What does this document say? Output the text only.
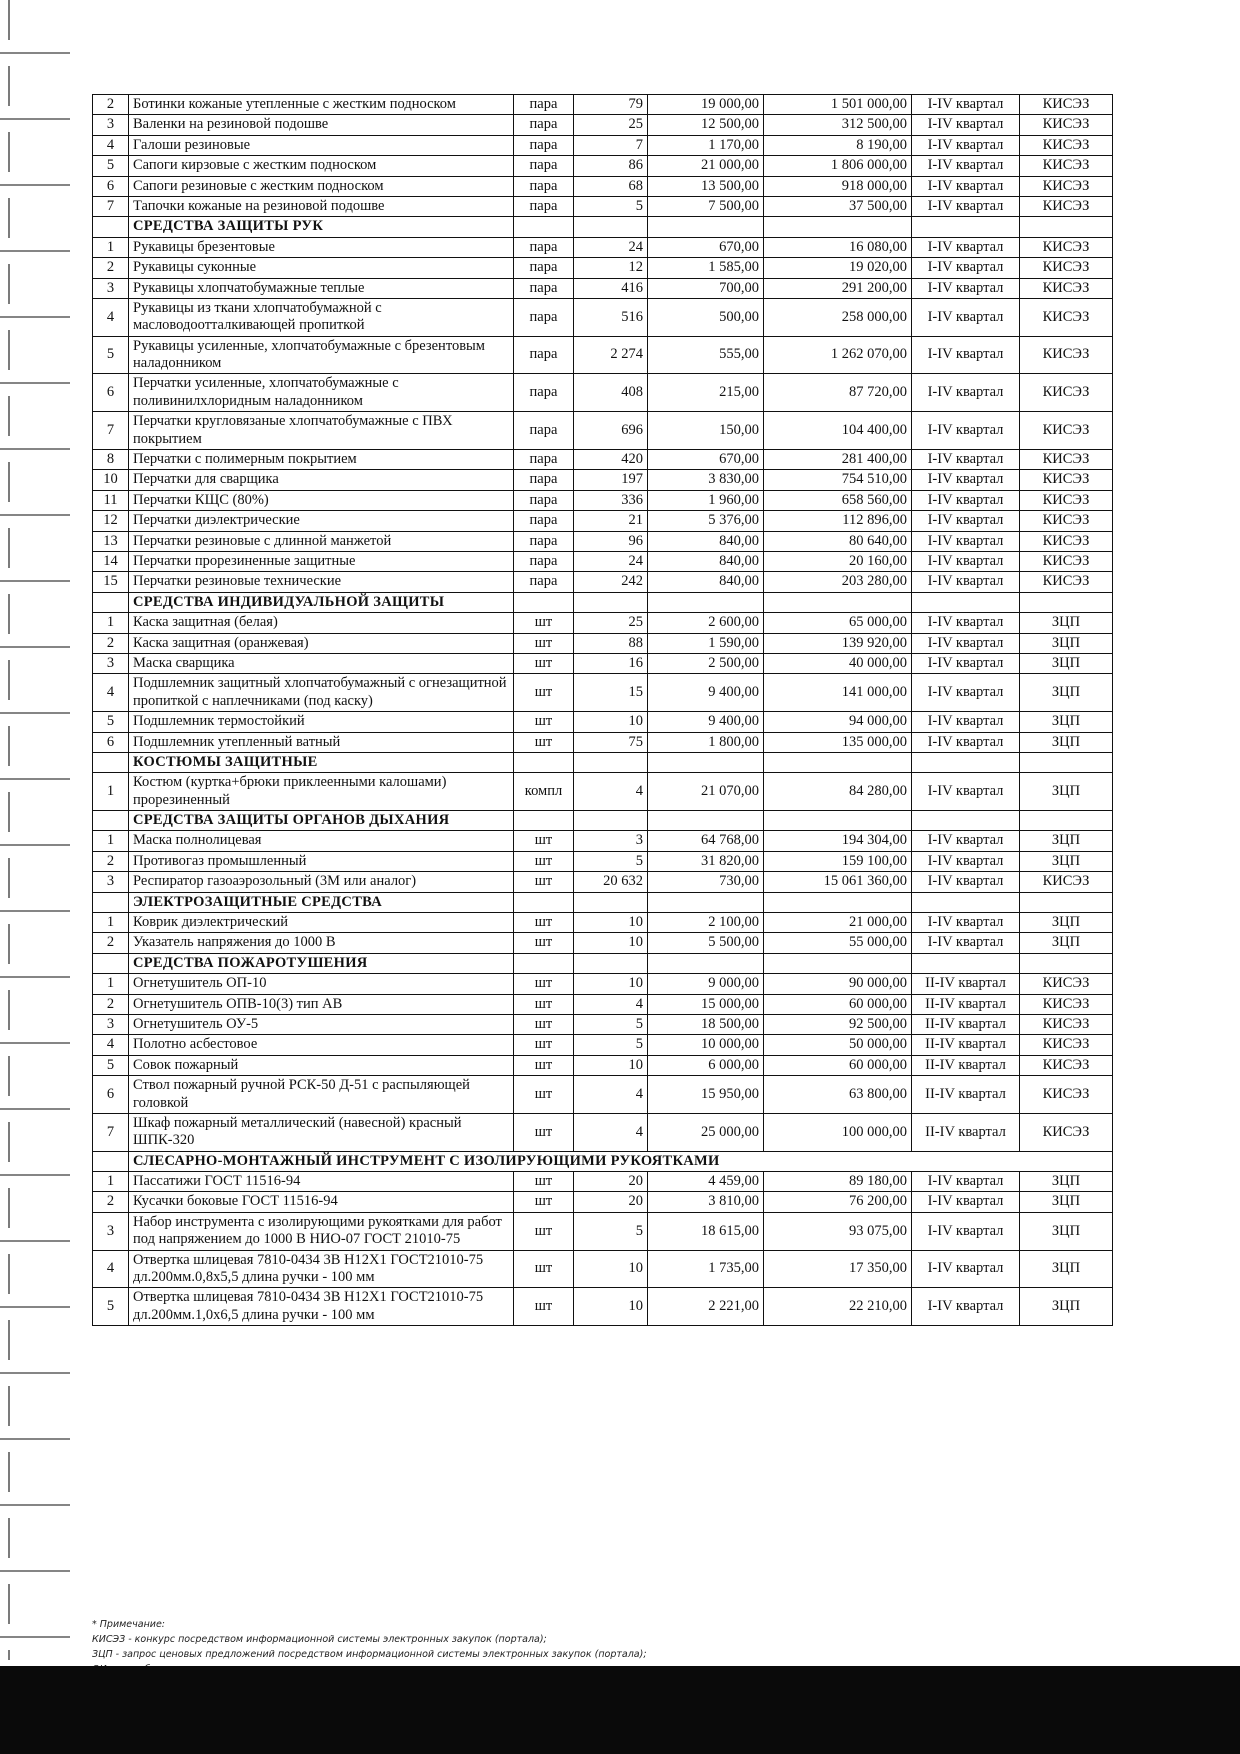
2	Ботинки кожаные утепленные с жестким подноском	пара	79	19 000,00	1 501 000,00	I-IV квартал	КИСЭЗ
3	Валенки на резиновой подошве	пара	25	12 500,00	312 500,00	I-IV квартал	КИСЭЗ
4	Галоши резиновые	пара	7	1 170,00	8 190,00	I-IV квартал	КИСЭЗ
5	Сапоги кирзовые с жестким подноском	пара	86	21 000,00	1 806 000,00	I-IV квартал	КИСЭЗ
6	Сапоги резиновые с жестким подноском	пара	68	13 500,00	918 000,00	I-IV квартал	КИСЭЗ
7	Тапочки кожаные на резиновой подошве	пара	5	7 500,00	37 500,00	I-IV квартал	КИСЭЗ
	СРЕДСТВА ЗАЩИТЫ РУК						
1	Рукавицы брезентовые	пара	24	670,00	16 080,00	I-IV квартал	КИСЭЗ
2	Рукавицы суконные	пара	12	1 585,00	19 020,00	I-IV квартал	КИСЭЗ
3	Рукавицы хлопчатобумажные теплые	пара	416	700,00	291 200,00	I-IV квартал	КИСЭЗ
4	Рукавицы из ткани хлопчатобумажной с масловодоотталкивающей пропиткой	пара	516	500,00	258 000,00	I-IV квартал	КИСЭЗ
5	Рукавицы усиленные, хлопчатобумажные с брезентовым наладонником	пара	2 274	555,00	1 262 070,00	I-IV квартал	КИСЭЗ
6	Перчатки усиленные, хлопчатобумажные с поливинилхлоридным наладонником	пара	408	215,00	87 720,00	I-IV квартал	КИСЭЗ
7	Перчатки кругловязаные хлопчатобумажные с ПВХ покрытием	пара	696	150,00	104 400,00	I-IV квартал	КИСЭЗ
8	Перчатки с полимерным покрытием	пара	420	670,00	281 400,00	I-IV квартал	КИСЭЗ
10	Перчатки для сварщика	пара	197	3 830,00	754 510,00	I-IV квартал	КИСЭЗ
11	Перчатки КЩС (80%)	пара	336	1 960,00	658 560,00	I-IV квартал	КИСЭЗ
12	Перчатки диэлектрические	пара	21	5 376,00	112 896,00	I-IV квартал	КИСЭЗ
13	Перчатки резиновые с длинной манжетой	пара	96	840,00	80 640,00	I-IV квартал	КИСЭЗ
14	Перчатки прорезиненные защитные	пара	24	840,00	20 160,00	I-IV квартал	КИСЭЗ
15	Перчатки резиновые технические	пара	242	840,00	203 280,00	I-IV квартал	КИСЭЗ
	СРЕДСТВА ИНДИВИДУАЛЬНОЙ ЗАЩИТЫ						
1	Каска защитная (белая)	шт	25	2 600,00	65 000,00	I-IV квартал	ЗЦП
2	Каска защитная (оранжевая)	шт	88	1 590,00	139 920,00	I-IV квартал	ЗЦП
3	Маска сварщика	шт	16	2 500,00	40 000,00	I-IV квартал	ЗЦП
4	Подшлемник защитный хлопчатобумажный с огнезащитной пропиткой с наплечниками (под каску)	шт	15	9 400,00	141 000,00	I-IV квартал	ЗЦП
5	Подшлемник термостойкий	шт	10	9 400,00	94 000,00	I-IV квартал	ЗЦП
6	Подшлемник утепленный ватный	шт	75	1 800,00	135 000,00	I-IV квартал	ЗЦП
	КОСТЮМЫ ЗАЩИТНЫЕ						
1	Костюм (куртка+брюки приклеенными калошами) прорезиненный	компл	4	21 070,00	84 280,00	I-IV квартал	ЗЦП
	СРЕДСТВА ЗАЩИТЫ ОРГАНОВ ДЫХАНИЯ						
1	Маска полнолицевая	шт	3	64 768,00	194 304,00	I-IV квартал	ЗЦП
2	Противогаз промышленный	шт	5	31 820,00	159 100,00	I-IV квартал	ЗЦП
3	Респиратор газоаэрозольный (3М или аналог)	шт	20 632	730,00	15 061 360,00	I-IV квартал	КИСЭЗ
	ЭЛЕКТРОЗАЩИТНЫЕ СРЕДСТВА						
1	Коврик диэлектрический	шт	10	2 100,00	21 000,00	I-IV квартал	ЗЦП
2	Указатель напряжения до 1000 В	шт	10	5 500,00	55 000,00	I-IV квартал	ЗЦП
	СРЕДСТВА ПОЖАРОТУШЕНИЯ						
1	Огнетушитель ОП-10	шт	10	9 000,00	90 000,00	II-IV квартал	КИСЭЗ
2	Огнетушитель ОПВ-10(3) тип АВ	шт	4	15 000,00	60 000,00	II-IV квартал	КИСЭЗ
3	Огнетушитель ОУ-5	шт	5	18 500,00	92 500,00	II-IV квартал	КИСЭЗ
4	Полотно асбестовое	шт	5	10 000,00	50 000,00	II-IV квартал	КИСЭЗ
5	Совок пожарный	шт	10	6 000,00	60 000,00	II-IV квартал	КИСЭЗ
6	Ствол пожарный ручной РСК-50 Д-51 с распыляющей головкой	шт	4	15 950,00	63 800,00	II-IV квартал	КИСЭЗ
7	Шкаф пожарный металлический (навесной) красный ШПК-320	шт	4	25 000,00	100 000,00	II-IV квартал	КИСЭЗ
	СЛЕСАРНО-МОНТАЖНЫЙ ИНСТРУМЕНТ С ИЗОЛИРУЮЩИМИ РУКОЯТКАМИ						
1	Пассатижи ГОСТ 11516-94	шт	20	4 459,00	89 180,00	I-IV квартал	ЗЦП
2	Кусачки боковые ГОСТ 11516-94	шт	20	3 810,00	76 200,00	I-IV квартал	ЗЦП
3	Набор инструмента с изолирующими рукоятками для работ под напряжением до 1000 В НИО-07 ГОСТ 21010-75	шт	5	18 615,00	93 075,00	I-IV квартал	ЗЦП
4	Отвертка шлицевая 7810-0434 3В Н12Х1 ГОСТ21010-75 дл.200мм.0,8х5,5 длина ручки - 100 мм	шт	10	1 735,00	17 350,00	I-IV квартал	ЗЦП
5	Отвертка шлицевая 7810-0434 3В Н12Х1 ГОСТ21010-75 дл.200мм.1,0х6,5 длина ручки - 100 мм	шт	10	2 221,00	22 210,00	I-IV квартал	ЗЦП
* Примечание:
КИСЭЗ - конкурс посредством информационной системы электронных закупок (портала);
ЗЦП - запрос ценовых предложений посредством информационной системы электронных закупок (портала);
